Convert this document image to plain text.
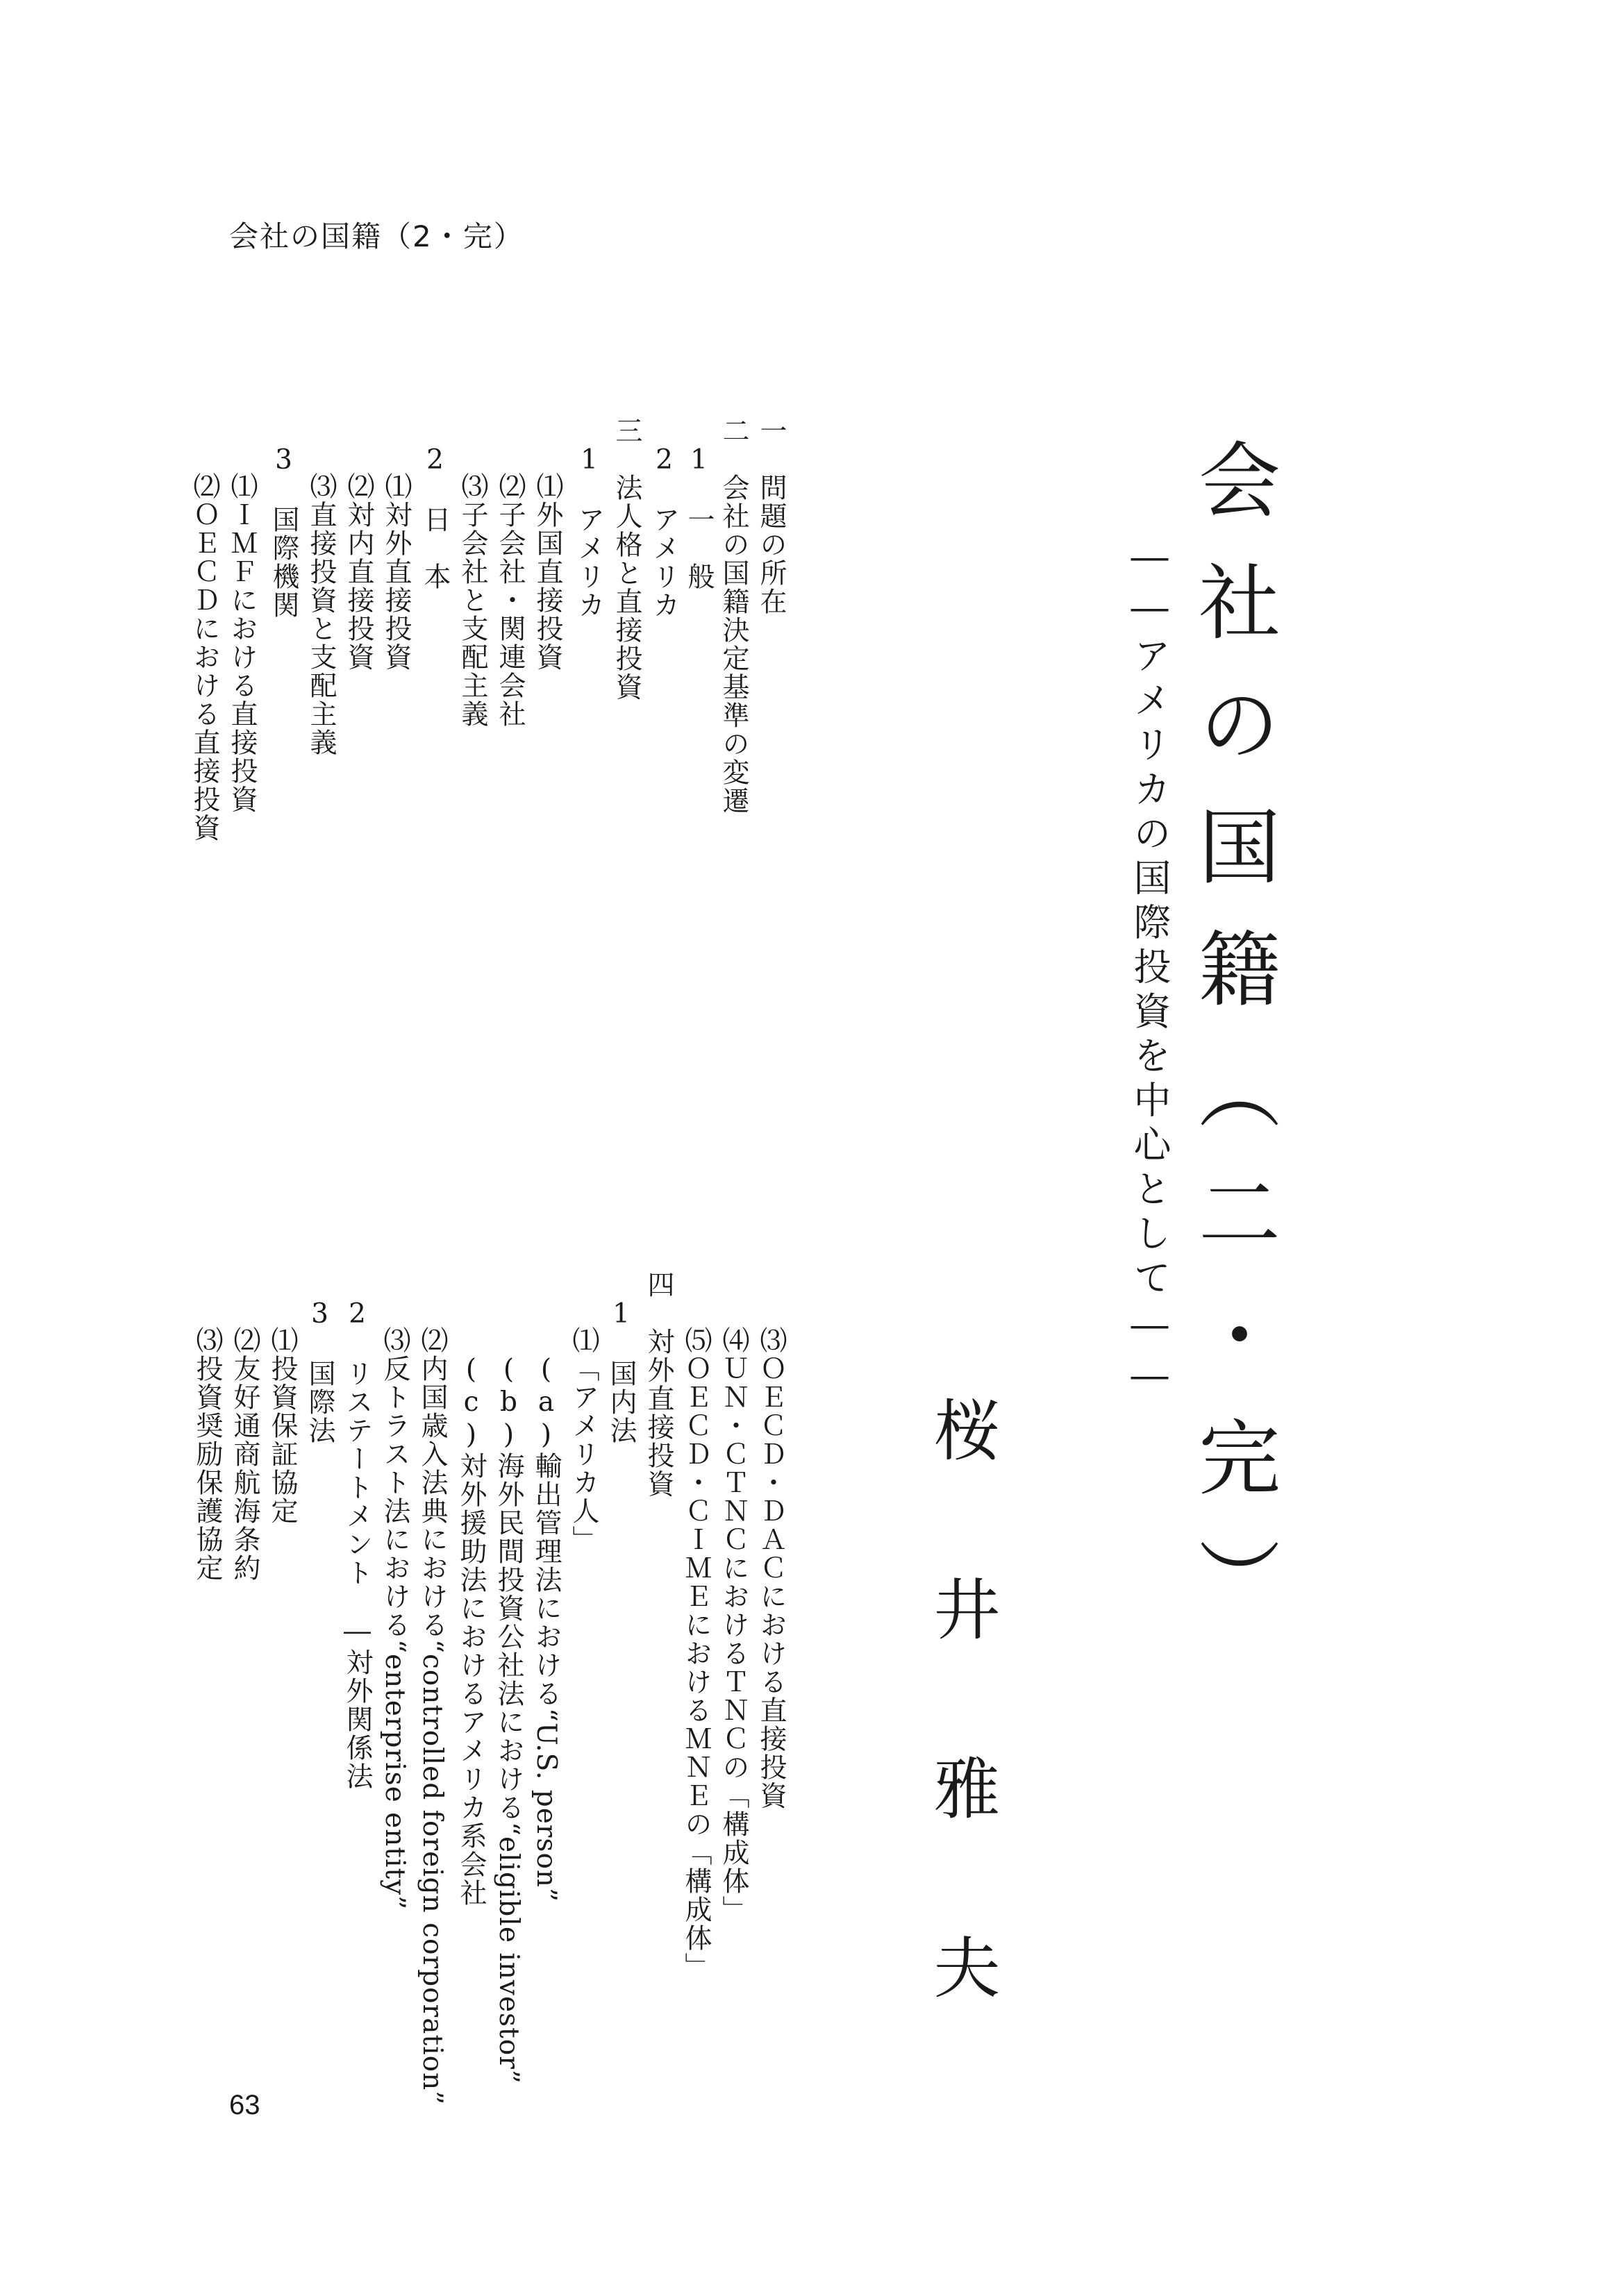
会社の国籍（2・完）
会社の国籍（二・完）
――アメリカの国際投資を中心として――
桜井雅夫
一　問題の所在
二　会社の国籍決定基準の変遷
1　一　般
2　アメリカ
三　法人格と直接投資
1　アメリカ
⑴外国直接投資
⑵子会社・関連会社
⑶子会社と支配主義
2　日　本
⑴対外直接投資
⑵対内直接投資
⑶直接投資と支配主義
3　国際機関
⑴ＩＭＦにおける直接投資
⑵ＯＥＣＤにおける直接投資
⑶ＯＥＣＤ・ＤＡＣにおける直接投資
⑷ＵＮ・ＣＴＮＣにおけるＴＮＣの「構成体」
⑸ＯＥＣＤ・ＣＩＭＥにおけるＭＮＥの「構成体」
四　対外直接投資
1　国内法
⑴「アメリカ人」
(a)輸出管理法における“U.S. person”
(b)海外民間投資公社法における“eligible investor”
(c)対外援助法におけるアメリカ系会社
⑵内国歳入法典における“controlled foreign corporation”
⑶反トラスト法における“enterprise entity”
2　リステートメント　―対外関係法
3　国際法
⑴投資保証協定
⑵友好通商航海条約
⑶投資奨励保護協定
63
